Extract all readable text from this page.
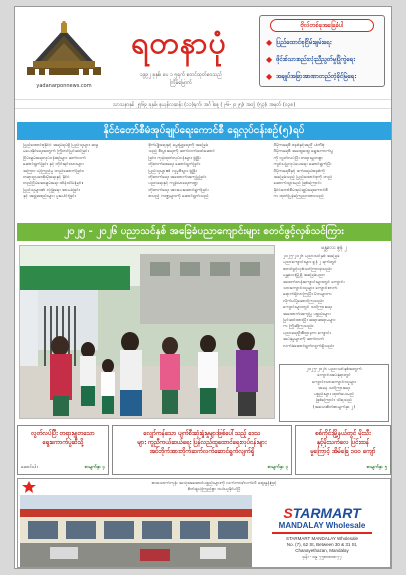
yadanarponnews.com
ရတနာပုံ
၁၉၉၂ ခုနှစ်၊ ပေ ၁ ၅ရက် စတင်ထုတ်ဝေသည်
ကြိမ်မြောက်
ဗိုလ်တစ်ခုအခြေခံပါ
◆ ပြည်ထောင်စုငြိမ်းချမ်းရေး
◆ ဖိုင်းစ်သားစည်းလုံးညီညွတ်မှုပြိုကွဲရေး
◆ အချုပ်အခြာအာဏာတည်တံ့ခိုင်မြဲရေး
သာသနာနှစ် ၂၅၆၉ ခုနှစ်၊ နယုန်လဆန်း (၁၁)ရက်၊ အင်္ဂါနေ့ (၂-၆-၂၀၂၅)၊ အတွဲ (၅၃)၊ အမှတ် (၀၃၈)
နိုင်ငံတော်စီမံအုပ်ချုပ်ရေးကောင်စီ ရှေ့လုပ်ငန်းစဉ်(၅)ရပ်

ပြည်ထောင်စုနိုင်ငံ အရပ်ရပ်ရှိ ပြည်သူများ ဆန္ဒ

မဲပေးနိုင်ရေးအတွက် ကြိုတင်ပြင်ဆင်ခြင်း

ငြိမ်းချမ်းရေးလုပ်ငန်းစဉ်များ ဆက်လက်

ဆောင်ရွက်ခြင်း နှင့် တိုင်းရင်းသားများ

အကြား ယုံကြည်မှု တည်ဆောက်ခြင်း၊

တရားဥပဒေစိုးမိုးရေးနှင့် နိုင်ငံ

တည်ငြိမ်အေးချမ်းရေး ထိန်းသိမ်းခြင်း၊

ပြည်သူများ၏ လုံခြုံရေး အာမခံခြင်း

နှင့် အဖွဲ့အစည်းများ ပူးပေါင်းခြင်း

စိုက်ပျိုးရေးနှင့် မွေးမြူရေးကို အခြေခံ

သည့် စီးပွားရေးကို ဆက်လက်ဖော်ဆောင်

ခြင်း၊ ကုန်ထုတ်လုပ်ငန်းများ ဖွံ့ဖြိုး

တိုးတက်စေရေး ဆောင်ရွက်ခြင်း

ပြည်သူများ၏ လူမှုစီးပွား ဖွံ့ဖြိုး

တိုးတက်ရေး အထောက်အကူပြုခြင်း

ပညာရေးနှင့် ကျန်းမာရေးကဏ္ဍ

တိုးတက်ရေး အားပေးဆောင်ရွက်ခြင်း

စသည့် ကဏ္ဍများကို ဆောင်ရွက်သည်

ဒီမိုကရေစီ စနစ်နှင့်အညီ ပါတီစုံ

ဒီမိုကရေစီ အထွေထွေ ရွေးကောက်ပွဲ

ကို လွတ်လပ်ပြီး တရားမျှတစွာ

ကျင်းပပြုလုပ်ပေးရေး ဆောင်ရွက်ပြီး

ဒီမိုကရေစီနှင့် ဖက်ဒရယ်စနစ်ကို

အခြေခံသည့် ပြည်ထောင်စုကို တည်

ဆောက်သွားမည် ဖြစ်ကြောင်း

နိုင်ငံတော်စီမံအုပ်ချုပ်ရေးကောင်စီ

က ထုတ်ပြန်ကြေညာထားသည်

၂၀၂၅ - ၂၀၂၆ ပညာသင်နှစ် အခြေခံပညာကျောင်းများ စတင်ဖွင့်လှစ်သင်ကြား
မန္တလေး ဇွန် ၂

၂၀၂၅-၂၀၂၆ ပညာသင်နှစ် အခြေခံ

ပညာကျောင်းများ ဇွန် ၂ ရက်တွင်

စတင်ဖွင့်လှစ်သင်ကြားခဲ့သည်။

မန္တလေးမြို့ရှိ အခြေခံပညာ

အထက်တန်းကျောင်းများတွင် ကျောင်း

သားကျောင်းသူများ ကျောင်းတက်

ရောက်ရှိလာကြပြီး မိဘများက

လိုက်ပါပို့ဆောင်ကြသည်။

ကျောင်းများတွင် သင်ကြားရေး

အထောက်အကူပြု ပစ္စည်းများ

ပြင်ဆင်ထားပြီး ဆရာဆရာမများ

က ကြိုဆိုကြသည်။

ပညာရေးဦးစီးဌာနက ကျောင်း

အပ်နှံမှုများကို ဆက်လက်

လက်ခံဆောင်ရွက်လျက်ရှိသည်။

၂၀၂၅-၂၀၂၆ ပညာသင်နှစ်အတွက်
ကျောင်းအပ်နှံရာတွင်
ကျောင်းသားကျောင်းသူများ
အခမဲ့ သင်ကြားရေး
ပစ္စည်းများ ထုတ်ပေးမည်
ဖြစ်ကြောင်း သိရသည်
(အသေးစိတ်စာမျက်နှာ ၂)
လွတ်လပ်ပြီး တရားမျှတသော
ရွေးကောက်ပွဲဆီသို့
ဆောင်းပါး	စာမျက်နှာ ၄
လျှော်ကန်သော ပျက်စီးဆုံးရှုံးမှုများဖြစ်ပေါ်သည့် ဒေသ
များ ကူညီကယ်ဆယ်ရေး ပြန်လည်ထူထောင်ရေးလုပ်ငန်းများ
အင်တိုက်အားတိုက်ဆက်လက်ဆောင်ရွက်လျက်ရှိ
စာမျက်နှာ ၃
စစ်ကိုင်းမြို့နယ်တွင် မိုးသီး
နှင့်မိုးသက်လေ ပြင်းထန်
မှုကြောင့် အိမ်ခြေ ၁၀၀ ကျော်
စာမျက်နှာ ၅
စားသောက်ကုန်၊ အသုံးအဆောင်ပစ္စည်းများကို လက်ကား/လက်လီ ဈေးနှုန်းဖြင့်
စိတ်ချယုံကြည်စွာ ဝယ်ယူနိုင်ပါပြီ
STARMART
MANDALAY Wholesale
STARMART MANDALAY Wholesale
No. (7), 62 St, Between 30 & 31 St,
Chanayethazan, Mandalay
ဖုန်း - ၀၉ ၇၅၈၈၈၈၈၇၇
